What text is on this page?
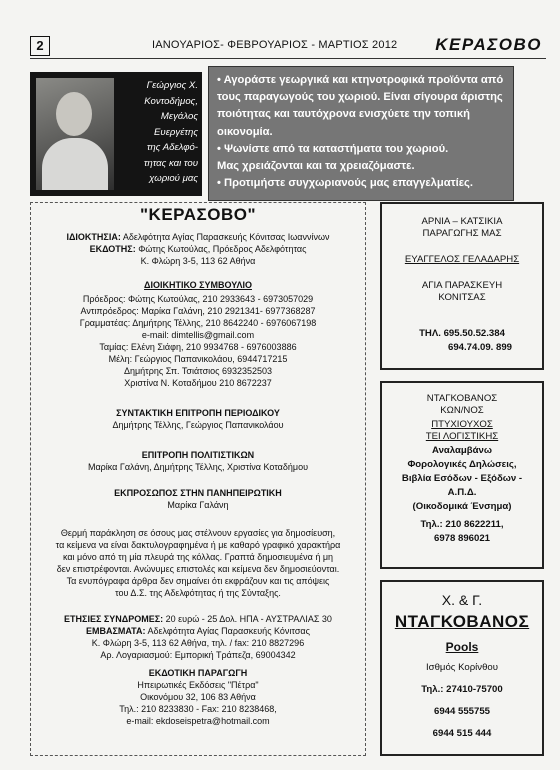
2	ΙΑΝΟΥΑΡΙΟΣ- ΦΕΒΡΟΥΑΡΙΟΣ - ΜΑΡΤΙΟΣ 2012 ΚΕΡΑΣΟΒΟ
Γεώργιος Χ.
Κοντοδήμος,
Μεγάλος
Ευεργέτης
της Αδελφό-
τητας και του
χωριού μας

• Αγοράστε γεωργικά και κτηνοτροφικά προϊόντα από

τους παραγωγούς του χωριού. Είναι σίγουρα άριστης

ποιότητας και ταυτόχρονα ενισχύετε την τοπική

οικονομία.

• Ψωνίστε από τα καταστήματα του χωριού.

Μας χρειάζονται και τα χρειαζόμαστε.

• Προτιμήστε συγχωριανούς μας επαγγελματίες.

"ΚΕΡΑΣΟΒΟ"
ΙΔΙΟΚΤΗΣΙΑ: Αδελφότητα Αγίας Παρασκευής Κόνιτσας Ιωαννίνων
ΕΚΔΟΤΗΣ: Φώτης Κωτούλας, Πρόεδρος Αδελφότητας
Κ. Φλώρη 3-5, 113 62 Αθήνα
ΔΙΟΙΚΗΤΙΚΟ ΣΥΜΒΟΥΛΙΟ
Πρόεδρος: Φώτης Κωτούλας, 210 2933643 - 6973057029
Αντιπρόεδρος: Μαρίκα Γαλάνη, 210 2921341- 6977368287
Γραμματέας: Δημήτρης Τέλλης, 210 8642240 - 6976067198
e-mail: dimtellis@gmail.com
Ταμίας: Ελένη Σιάφη, 210 9934768 - 6976003886
Μέλη: Γεώργιος Παπανικολάου, 6944717215
Δημήτρης Σπ. Τσιάτσιος 6932352503
Χριστίνα Ν. Κοταδήμου 210 8672237
ΣΥΝΤΑΚΤΙΚΗ ΕΠΙΤΡΟΠΗ ΠΕΡΙΟΔΙΚΟΥ
Δημήτρης Τέλλης, Γεώργιος Παπανικολάου
ΕΠΙΤΡΟΠΗ ΠΟΛΙΤΙΣΤΙΚΩΝ
Μαρίκα Γαλάνη, Δημήτρης Τέλλης, Χριστίνα Κοταδήμου
ΕΚΠΡΟΣΩΠΟΣ ΣΤΗΝ ΠΑΝΗΠΕΙΡΩΤΙΚΗ
Μαρίκα Γαλάνη
Θερμή παράκληση σε όσους μας στέλνουν εργασίες για δημοσίευση,
τα κείμενα να είναι δακτυλογραφημένα ή με καθαρό γραφικό χαρακτήρα
και μόνο από τη μία πλευρά της κόλλας. Γραπτά δημοσιευμένα ή μη
δεν επιστρέφονται. Ανώνυμες επιστολές και κείμενα δεν δημοσιεύονται.
Τα ενυπόγραφα άρθρα δεν σημαίνει ότι εκφράζουν και τις απόψεις
του Δ.Σ. της Αδελφότητας ή της Σύνταξης.
ΕΤΗΣΙΕΣ ΣΥΝΔΡΟΜΕΣ: 20 ευρώ - 25 Δολ. ΗΠΑ - ΑΥΣΤΡΑΛΙΑΣ 30
ΕΜΒΑΣΜΑΤΑ: Αδελφότητα Αγίας Παρασκευής Κόνιτσας
Κ. Φλώρη 3-5, 113 62 Αθήνα, τηλ. / fax: 210 8827296
Αρ. Λογαριασμού: Εμπορική Τράπεζα, 69004342
ΕΚΔΟΤΙΚΗ ΠΑΡΑΓΩΓΗ
Ηπειρωτικές Εκδόσεις "Πέτρα"
Οικονόμου 32, 106 83 Αθήνα
Τηλ.: 210 8233830 - Fax: 210 8238468,
e-mail: ekdoseispetra@hotmail.com
ΑΡΝΙΑ – ΚΑΤΣΙΚΙΑ
ΠΑΡΑΓΩΓΗΣ ΜΑΣ
ΕΥΑΓΓΕΛΟΣ ΓΕΛΑΔΑΡΗΣ
ΑΓΙΑ ΠΑΡΑΣΚΕΥΗ
ΚΟΝΙΤΣΑΣ
ΤΗΛ. 695.50.52.384
694.74.09. 899
ΝΤΑΓΚΟΒΑΝΟΣ
ΚΩΝ/ΝΟΣ
ΠΤΥΧΙΟΥΧΟΣ
ΤΕΙ ΛΟΓΙΣΤΙΚΗΣ
Αναλαμβάνω
Φορολογικές Δηλώσεις,
Βιβλία Εσόδων - Εξόδων -
Α.Π.Δ.
(Οικοδομικά Ένσημα)
Τηλ.: 210 8622211,
6978 896021
Χ. & Γ.
ΝΤΑΓΚΟΒΑΝΟΣ
Pools
Ισθμός Κορίνθου
Τηλ.: 27410-75700
6944 555755
6944 515 444
